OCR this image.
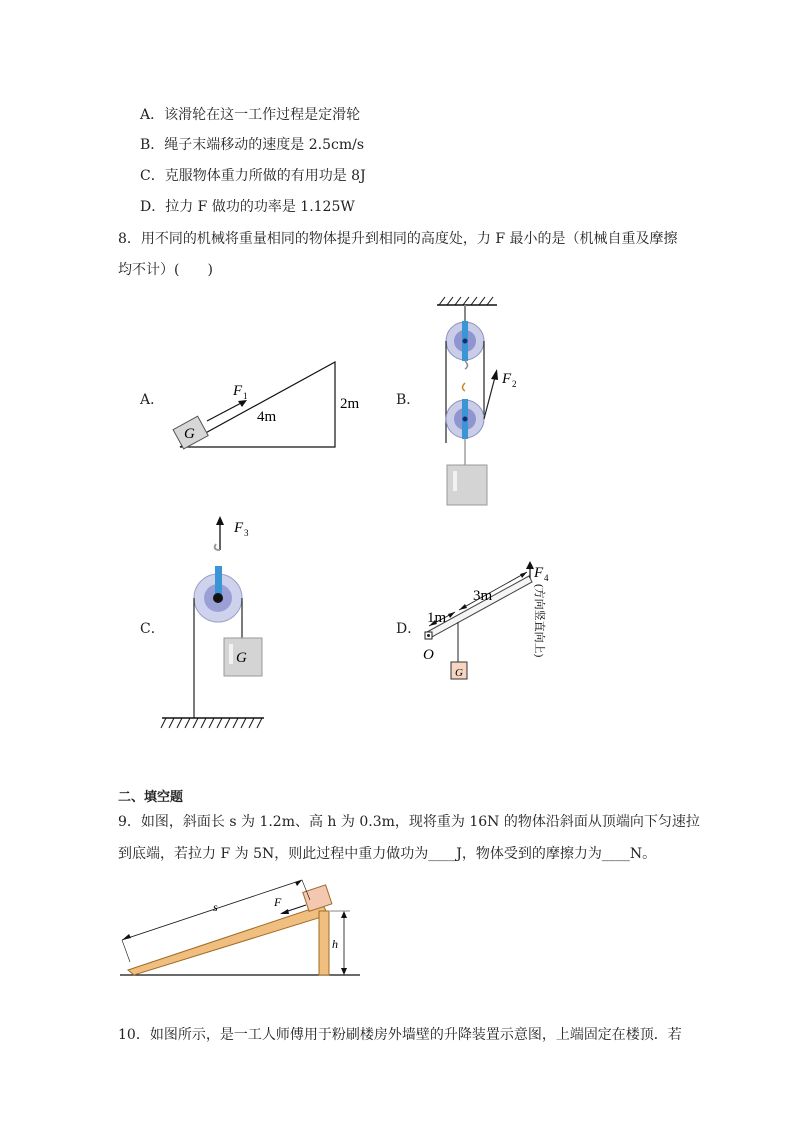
A．该滑轮在这一工作过程是定滑轮
B．绳子末端移动的速度是 2.5cm/s
C．克服物体重力所做的有用功是 8J
D．拉力 F 做功的功率是 1.125W
8．用不同的机械将重量相同的物体提升到相同的高度处，力 F 最小的是（机械自重及摩擦
均不计）(　　)
A．
G
F 1
4m
2m	B．
F 2
C．
F 3
G
D．
O
G
1m
3m
F 4
(方向竖直向上)
二、填空题
9．如图，斜面长 s 为 1.2m、高 h 为 0.3m，现将重为 16N 的物体沿斜面从顶端向下匀速拉
到底端，若拉力 F 为 5N，则此过程中重力做功为____J，物体受到的摩擦力为____N。
s	F
h
10．如图所示，是一工人师傅用于粉刷楼房外墙壁的升降装置示意图，上端固定在楼顶．若
